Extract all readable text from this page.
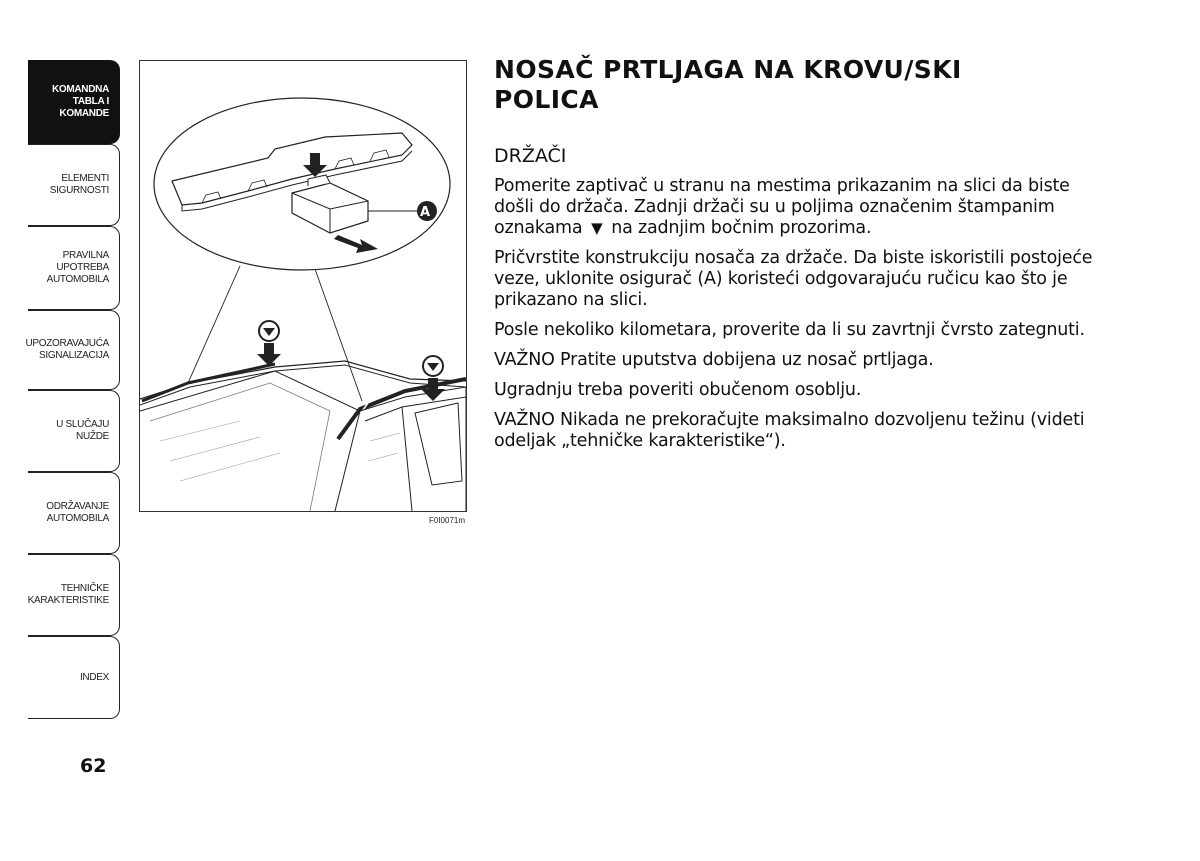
KOMANDNA
TABLA I
KOMANDE
ELEMENTI
SIGURNOSTI
PRAVILNA
UPOTREBA
AUTOMOBILA
UPOZORAVAJUĆA
SIGNALIZACIJA
U SLUČAJU
NUŽDE
ODRŽAVANJE
AUTOMOBILA
TEHNIČKE
KARAKTERISTIKE
INDEX
62
A
F0I0071m
NOSAČ PRTLJAGA NA KROVU/SKI
POLICA
DRŽAČI

Pomerite zaptivač u stranu na mestima prikazanim na slici da biste došli do držača. Zadnji držači su u poljima označenim štampanim oznakama ▼ na zadnjim bočnim prozorima.

Pričvrstite konstrukciju nosača za držače. Da biste iskoristili postojeće veze, uklonite osigurač (A) koristeći odgovarajuću ručicu kao što je prikazano na slici.

Posle nekoliko kilometara, proverite da li su zavrtnji čvrsto zategnuti.

VAŽNO Pratite uputstva dobijena uz nosač prtljaga.

Ugradnju treba poveriti obučenom osoblju.

VAŽNO Nikada ne prekoračujte maksimalno dozvoljenu težinu (videti odeljak „tehničke karakteristike“).
